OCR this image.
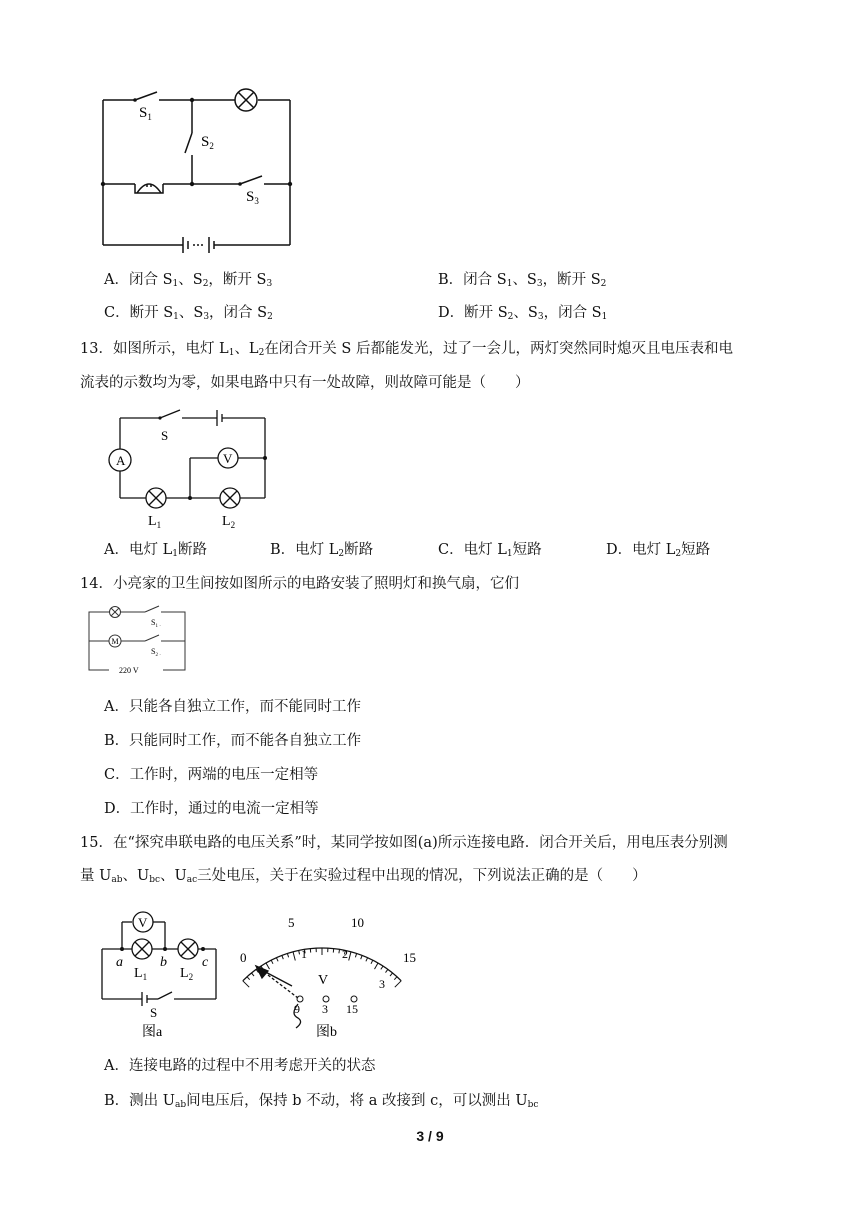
$S_1$
$S_2$
$S_3$
A．闭合 $S_1$、$S_2$，断开 $S_3$	B．闭合 $S_1$、$S_3$，断开 $S_2$
C．断开 $S_1$、$S_3$，闭合 $S_2$	D．断开 $S_2$、$S_3$，闭合 $S_1$
13．如图所示，电灯 $L_1$、$L_2$在闭合开关 S 后都能发光，过了一会儿，两灯突然同时熄灭且电压表和电
流表的示数均为零，如果电路中只有一处故障，则故障可能是（　　）
A	V
S
$L_1$	$L_2$
A．电灯 $L_1$断路	B．电灯 $L_2$断路	C．电灯 $L_1$短路	D．电灯 $L_2$短路
14．小亮家的卫生间按如图所示的电路安装了照明灯和换气扇，它们
M
$S_{1 \cdot}$
$S_{2 \cdot}$
220 V
A．只能各自独立工作，而不能同时工作
B．只能同时工作，而不能各自独立工作
C．工作时，两端的电压一定相等
D．工作时，通过的电流一定相等
15．在“探究串联电路的电压关系”时，某同学按如图(a)所示连接电路．闭合开关后，用电压表分别测
量 $U_{ab}$、$U_{bc}$、$U_{ac}$三处电压，关于在实验过程中出现的情况，下列说法正确的是（　　）
V
a	b	c
$L_1$ $L_2$
S
图a
0
5	10
15
1	2
3
V
9 3 15
图b
A．连接电路的过程中不用考虑开关的状态
B．测出 $U_{ab}$间电压后，保持 b 不动，将 a 改接到 c，可以测出 $U_{bc}$
3 / 9
